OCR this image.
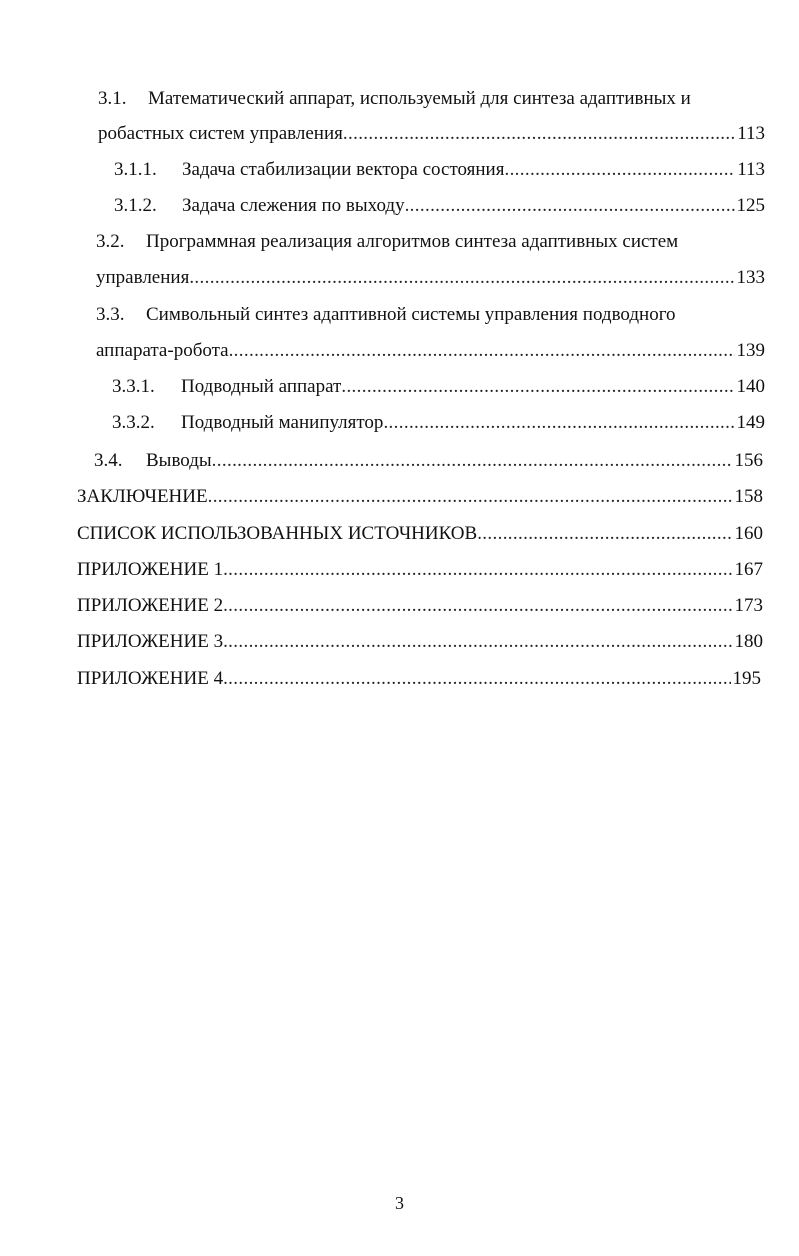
3.1. Математический аппарат, используемый для синтеза адаптивных и
робастных систем управления . . .	113
3.1.1. Задача стабилизации вектора состояния . . .	113
3.1.2. Задача слежения по выходу . . .	125
3.2. Программная реализация алгоритмов синтеза адаптивных систем
управления . . .	133
3.3. Символьный синтез адаптивной системы управления подводного
аппарата-робота . . .	139
3.3.1. Подводный аппарат . . .	140
3.3.2. Подводный манипулятор . . .	149
3.4. Выводы . . .	156
ЗАКЛЮЧЕНИЕ . . .	158
СПИСОК ИСПОЛЬЗОВАННЫХ ИСТОЧНИКОВ . . .	160
ПРИЛОЖЕНИЕ 1 . . .	167
ПРИЛОЖЕНИЕ 2 . . .	173
ПРИЛОЖЕНИЕ 3 . . .	180
ПРИЛОЖЕНИЕ 4 . . .	195
3
